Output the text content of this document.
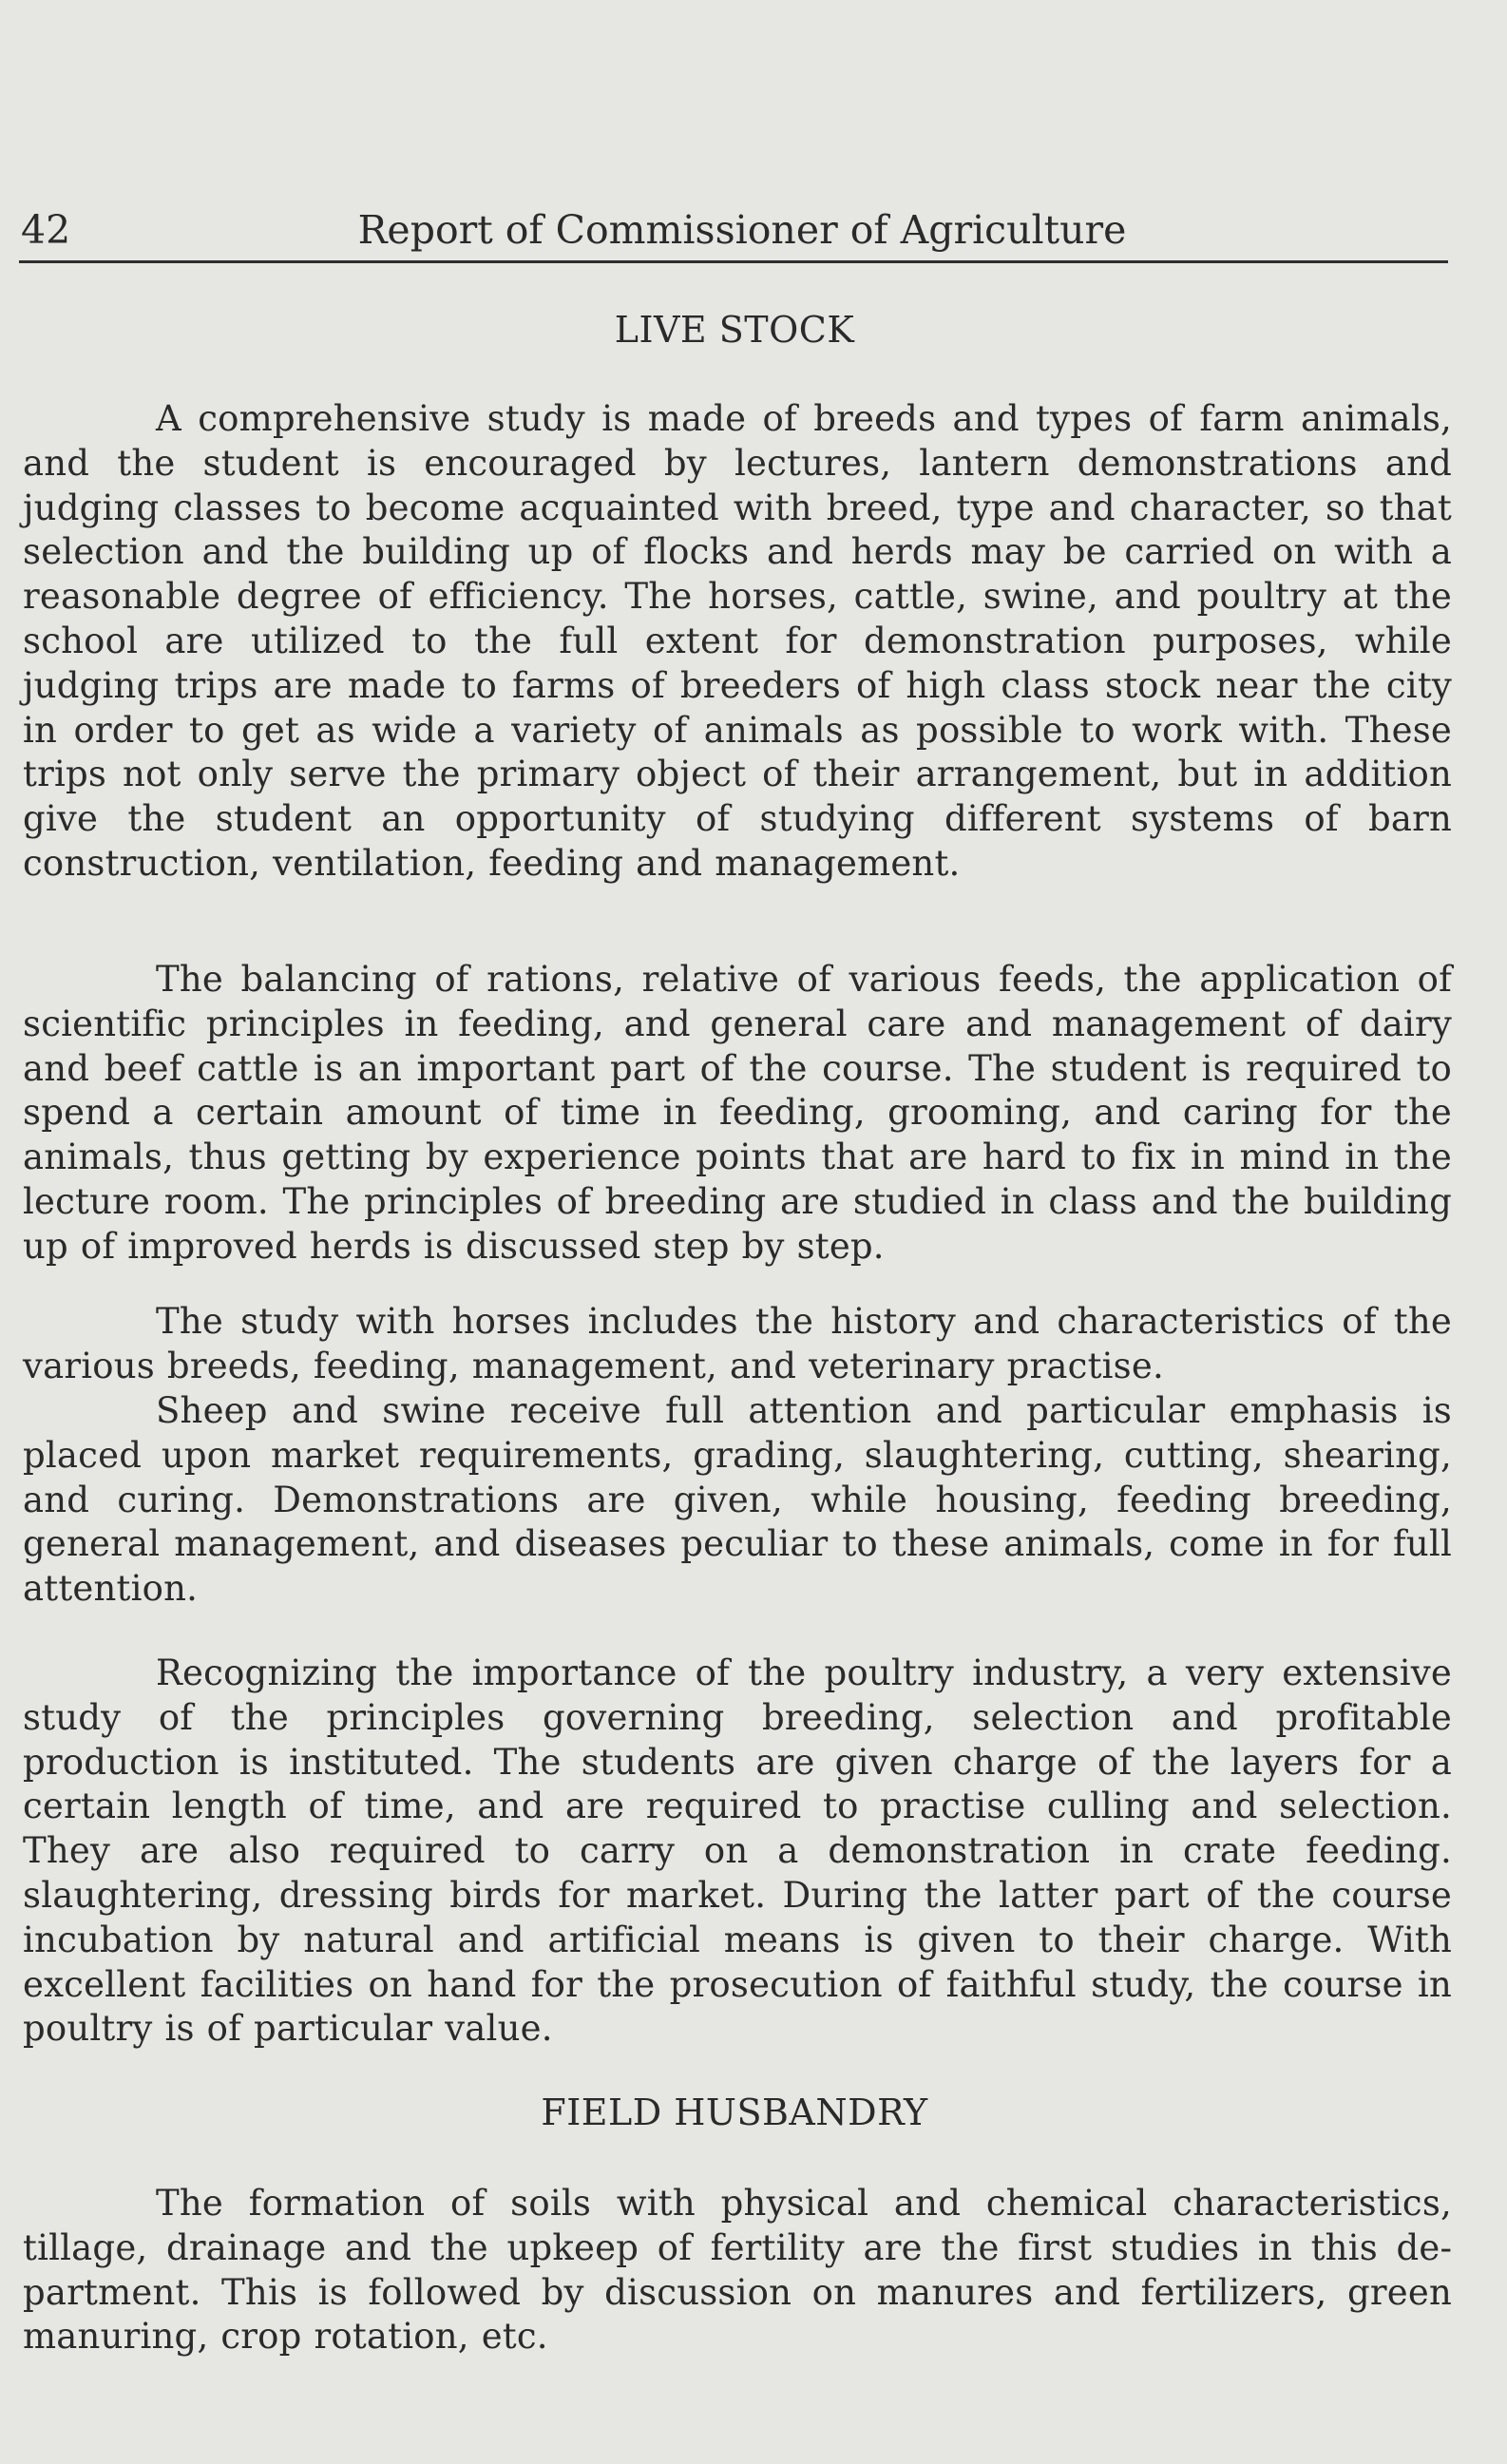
42	Report of Commissioner of Agriculture
LIVE STOCK

A comprehensive study is made of breeds and types of farm animals, and the student is encouraged by lectures, lantern demonstrations and judging classes to become acquainted with breed, type and character, so that selection and the building up of flocks and herds may be carried on with a reasonable degree of efficiency. The horses, cattle, swine, and poultry at the school are utilized to the full extent for demonstration purposes, while judging trips are made to farms of breeders of high class stock near the city in order to get as wide a variety of animals as possible to work with. These trips not only serve the primary object of their arrangement, but in addition give the student an opportunity of studying different systems of barn construction, ventilation, feeding and management.

The balancing of rations, relative of various feeds, the application of scientific principles in feeding, and general care and management of dairy and beef cattle is an important part of the course. The student is required to spend a certain amount of time in feeding, grooming, and caring for the animals, thus getting by experience points that are hard to fix in mind in the lecture room. The principles of breeding are studied in class and the building up of improved herds is discussed step by step.

The study with horses includes the history and characteristics of the various breeds, feeding, management, and veterinary practise.

Sheep and swine receive full attention and particular emphasis is placed upon market requirements, grading, slaughtering, cutting, shearing, and curing. Demonstrations are given, while housing, feeding breeding, general management, and diseases peculiar to these animals, come in for full attention.

Recognizing the importance of the poultry industry, a very extensive study of the principles governing breeding, selection and profitable production is instituted. The students are given charge of the layers for a certain length of time, and are required to practise culling and selection. They are also required to carry on a demonstration in crate feeding. slaughtering, dressing birds for market. During the latter part of the course incubation by natural and artificial means is given to their charge. With excellent facilities on hand for the prosecution of faithful study, the course in poultry is of particular value.

FIELD HUSBANDRY

The formation of soils with physical and chemical characteristics, tillage, drainage and the upkeep of fertility are the first studies in this department. This is followed by discussion on manures and fertilizers, green manuring, crop rotation, etc.
